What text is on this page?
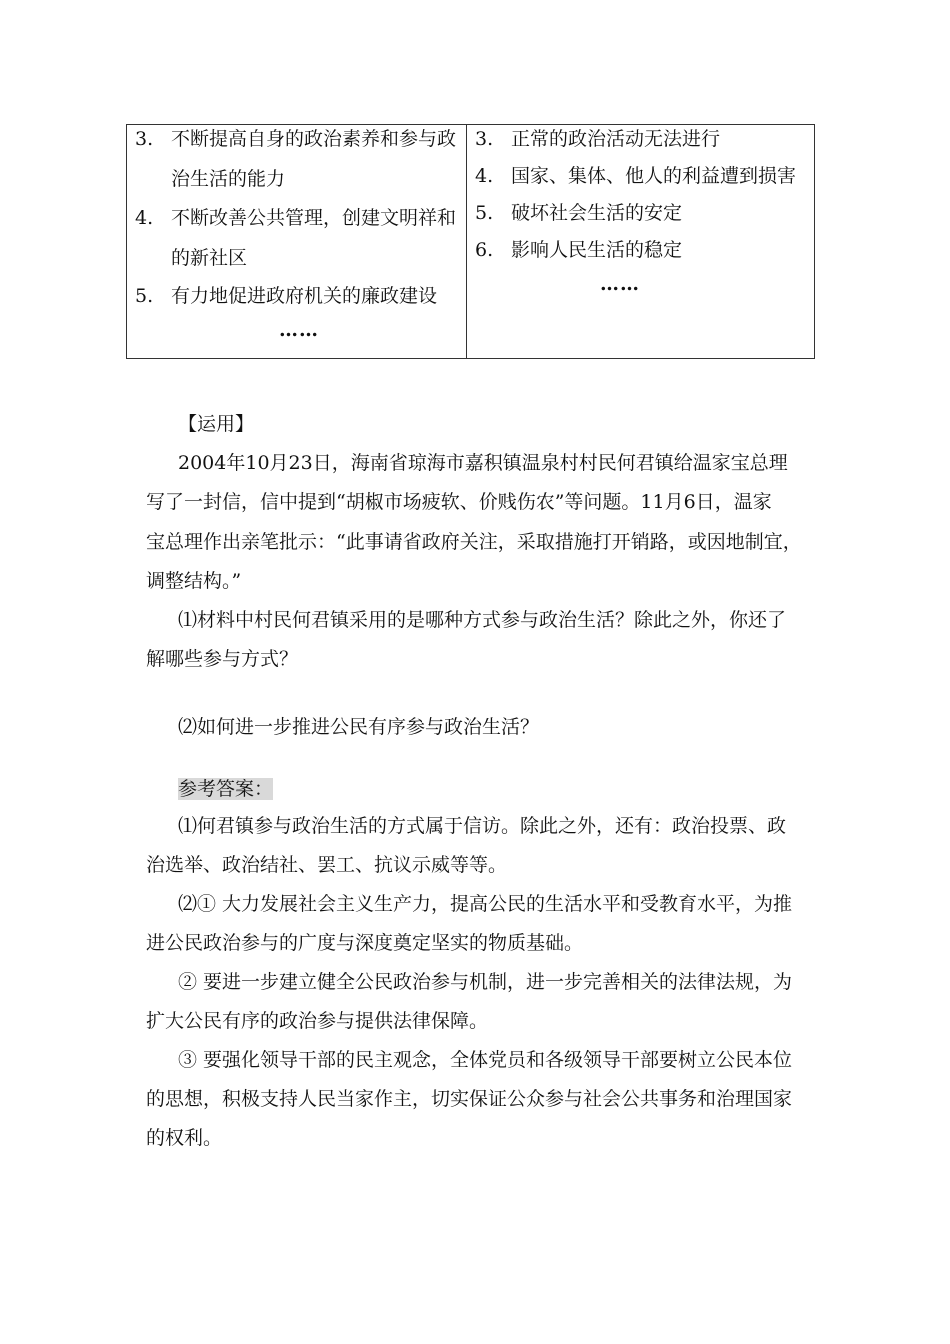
3. 不断提高自身的政治素养和参与政
治生活的能力
4. 不断改善公共管理，创建文明祥和
的新社区
5. 有力地促进政府机关的廉政建设
……
3. 正常的政治活动无法进行
4. 国家、集体、他人的利益遭到损害
5. 破坏社会生活的安定
6. 影响人民生活的稳定
……
【运用】
2004年10月23日，海南省琼海市嘉积镇温泉村村民何君镇给温家宝总理
写了一封信，信中提到“胡椒市场疲软、价贱伤农”等问题。11月6日，温家
宝总理作出亲笔批示：“此事请省政府关注，采取措施打开销路，或因地制宜，
调整结构。”
⑴材料中村民何君镇采用的是哪种方式参与政治生活？除此之外，你还了
解哪些参与方式？
⑵如何进一步推进公民有序参与政治生活？
参考答案：
⑴何君镇参与政治生活的方式属于信访。除此之外，还有：政治投票、政
治选举、政治结社、罢工、抗议示威等等。
⑵① 大力发展社会主义生产力，提高公民的生活水平和受教育水平，为推
进公民政治参与的广度与深度奠定坚实的物质基础。
② 要进一步建立健全公民政治参与机制，进一步完善相关的法律法规，为
扩大公民有序的政治参与提供法律保障。
③ 要强化领导干部的民主观念，全体党员和各级领导干部要树立公民本位
的思想，积极支持人民当家作主，切实保证公众参与社会公共事务和治理国家
的权利。
